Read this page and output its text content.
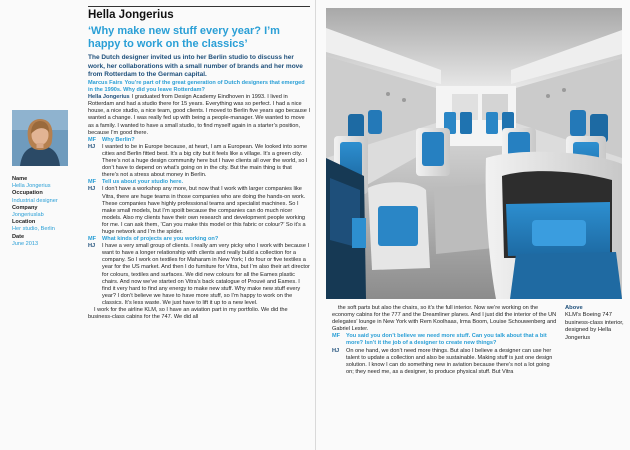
Hella Jongerius
‘Why make new stuff every year? I’m happy to work on the classics’
The Dutch designer invited us into her Berlin studio to discuss her work, her collaborations with a small number of brands and her move from Rotterdam to the German capital.
Name
Hella Jongerius
Occupation
Industrial designer
Company
Jongeriuslab
Location
Her studio, Berlin
Date
June 2013
Marcus Fairs You’re part of the great generation of Dutch designers that emerged in the 1990s. Why did you leave Rotterdam?
Hella Jongerius I graduated from Design Academy Eindhoven in 1993. I lived in Rotterdam and had a studio there for 15 years. Everything was so perfect. I had a nice house, a nice studio, a nice team, good clients. I moved to Berlin five years ago because I wanted a change. I was really fed up with being a people-manager. We wanted to move as a family. I wanted to have a small studio, to find myself again in a starter’s position, because I’m good there.
MF	Why Berlin?
HJ	I wanted to be in Europe because, at heart, I am a European. We looked into some cities and Berlin fitted best. It’s a big city but it feels like a village. It’s a green city. There’s not a huge design community here but I have clients all over the world, so I don’t have to depend on what’s going on in the city. But the main thing is that there’s not a stress about money in Berlin.
MF	Tell us about your studio here.
HJ	I don’t have a workshop any more, but now that I work with larger companies like Vitra, there are huge teams in those companies who are doing the hands-on work. These companies have highly professional teams and specialist machines. So I make small models, but I’m spoilt because the companies can do much nicer models. Also my clients have their own research and development people working for me. I can ask them, ‘Can you make this model or this fabric or colour?’ So it’s a huge network and I’m the spider.
MF	What kinds of projects are you working on?
HJ	I have a very small group of clients. I really am very picky who I work with because I want to have a longer relationship with clients and really build a collection for a company. So I work on textiles for Maharam in New York; I do four or five textiles a year for the US market. And then I do furniture for Vitra, but I’m also their art director for colours, textiles and surfaces. We did new colours for all the Eames plastic chairs. And now we’ve started on Vitra’s back catalogue of Prouvé and Eames. I find it very hard to find any energy to make new stuff. Why make new stuff every year? I don’t believe we have to have more stuff, so I’m happy to work on the classics. It’s less waste. We just have to lift it up to a new level.
I work for the airline KLM, so I have an aviation part in my portfolio. We did the business-class cabins for the 747. We did all
the soft parts but also the chairs, so it’s the full interior. Now we’re working on the economy cabins for the 777 and the Dreamliner planes. And I just did the interior of the UN delegates’ lounge in New York with Rem Koolhaas, Irma Boom, Louise Schouwenberg and Gabriel Lester.
MF	You said you don’t believe we need more stuff. Can you talk about that a bit more? Isn’t it the job of a designer to create new things?
HJ	On one hand, we don’t need more things. But also I believe a designer can use her talent to update a collection and also be sustainable. Making stuff is just one design solution. I know I can do something new in aviation because there’s not a lot going on; they need me, as a designer, to produce physical stuff. But Vitra
Above
KLM’s Boeing 747 business-class interior, designed by Hella Jongerius
